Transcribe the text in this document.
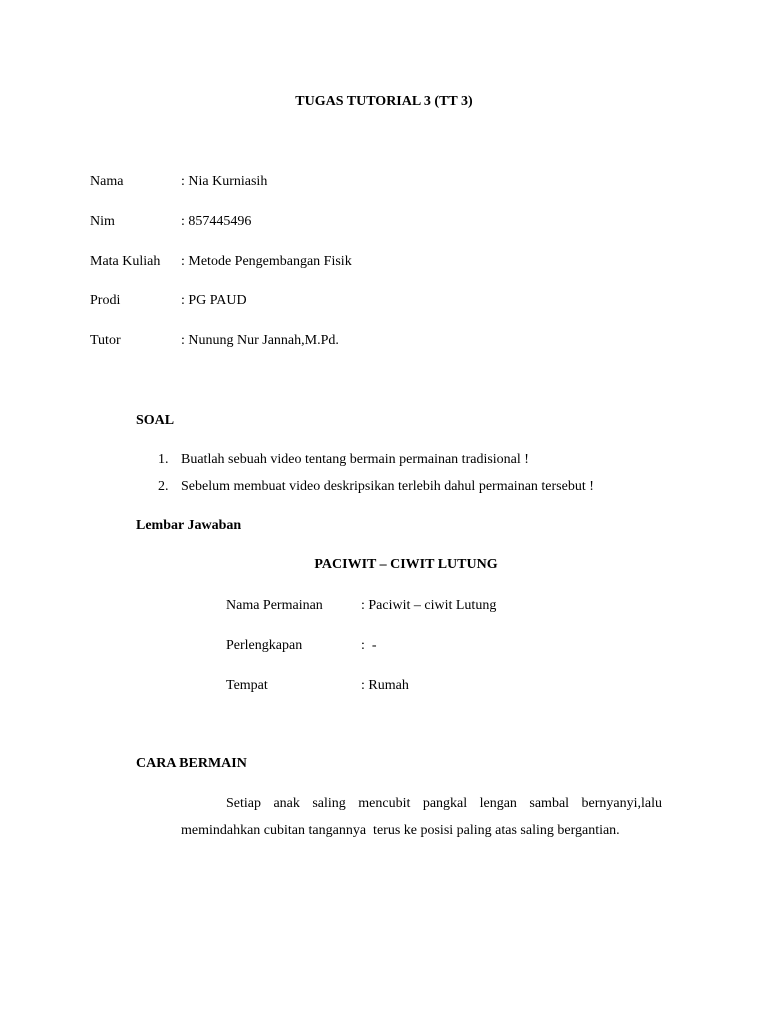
TUGAS TUTORIAL 3 (TT 3)
Nama	: Nia Kurniasih
Nim	: 857445496
Mata Kuliah : Metode Pengembangan Fisik
Prodi	: PG PAUD
Tutor	: Nunung Nur Jannah,M.Pd.
SOAL
1. Buatlah sebuah video tentang bermain permainan tradisional !
2. Sebelum membuat video deskripsikan terlebih dahul permainan tersebut !
Lembar Jawaban
PACIWIT – CIWIT LUTUNG
Nama Permainan	: Paciwit – ciwit Lutung
Perlengkapan	:  -
Tempat	: Rumah
CARA BERMAIN
Setiap anak saling mencubit pangkal lengan sambal bernyanyi,lalu
memindahkan cubitan tangannya  terus ke posisi paling atas saling bergantian.
